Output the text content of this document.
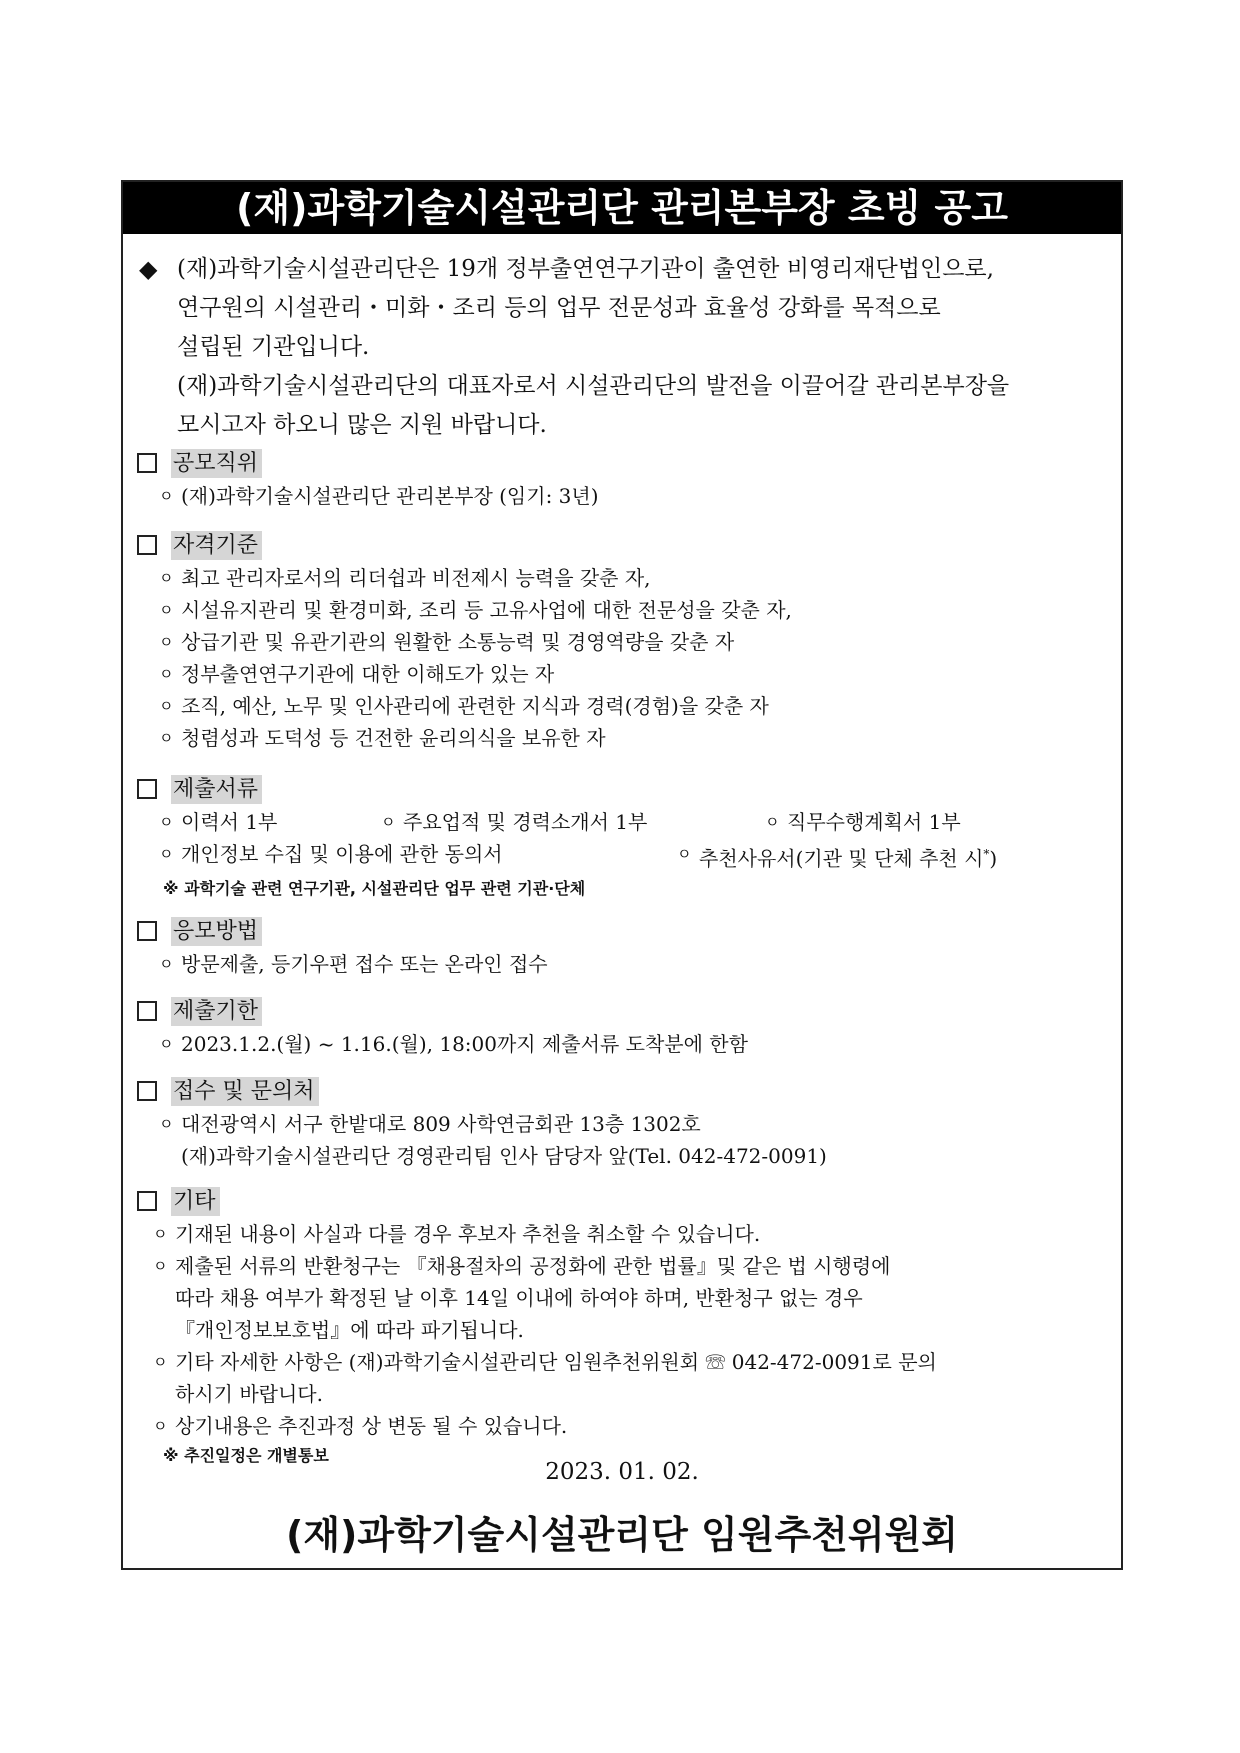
(재)과학기술시설관리단 관리본부장 초빙 공고
◆ (재)과학기술시설관리단은 19개 정부출연연구기관이 출연한 비영리재단법인으로,
연구원의 시설관리・미화・조리 등의 업무 전문성과 효율성 강화를 목적으로
설립된 기관입니다.
(재)과학기술시설관리단의 대표자로서 시설관리단의 발전을 이끌어갈 관리본부장을
모시고자 하오니 많은 지원 바랍니다.
공모직위
ㅇ (재)과학기술시설관리단 관리본부장 (임기: 3년)
자격기준
ㅇ 최고 관리자로서의 리더쉽과 비전제시 능력을 갖춘 자,
ㅇ 시설유지관리 및 환경미화, 조리 등 고유사업에 대한 전문성을 갖춘 자,
ㅇ 상급기관 및 유관기관의 원활한 소통능력 및 경영역량을 갖춘 자
ㅇ 정부출연연구기관에 대한 이해도가 있는 자
ㅇ 조직, 예산, 노무 및 인사관리에 관련한 지식과 경력(경험)을 갖춘 자
ㅇ 청렴성과 도덕성 등 건전한 윤리의식을 보유한 자
제출서류
ㅇ 이력서 1부	ㅇ 주요업적 및 경력소개서 1부	ㅇ 직무수행계획서 1부
ㅇ 개인정보 수집 및 이용에 관한 동의서	ㅇ 추천사유서(기관 및 단체 추천 시*)
※ 과학기술 관련 연구기관, 시설관리단 업무 관련 기관·단체
응모방법
ㅇ 방문제출, 등기우편 접수 또는 온라인 접수
제출기한
ㅇ 2023.1.2.(월) ~ 1.16.(월), 18:00까지 제출서류 도착분에 한함
접수 및 문의처
ㅇ 대전광역시 서구 한밭대로 809 사학연금회관 13층 1302호
(재)과학기술시설관리단 경영관리팀 인사 담당자 앞(Tel. 042-472-0091)
기타
ㅇ 기재된 내용이 사실과 다를 경우 후보자 추천을 취소할 수 있습니다.
ㅇ 제출된 서류의 반환청구는 『채용절차의 공정화에 관한 법률』및 같은 법 시행령에
따라 채용 여부가 확정된 날 이후 14일 이내에 하여야 하며, 반환청구 없는 경우
『개인정보보호법』에 따라 파기됩니다.
ㅇ 기타 자세한 사항은 (재)과학기술시설관리단 임원추천위원회 ☏ 042-472-0091로 문의
하시기 바랍니다.
ㅇ 상기내용은 추진과정 상 변동 될 수 있습니다.
※ 추진일정은 개별통보
2023. 01. 02.
(재)과학기술시설관리단 임원추천위원회
